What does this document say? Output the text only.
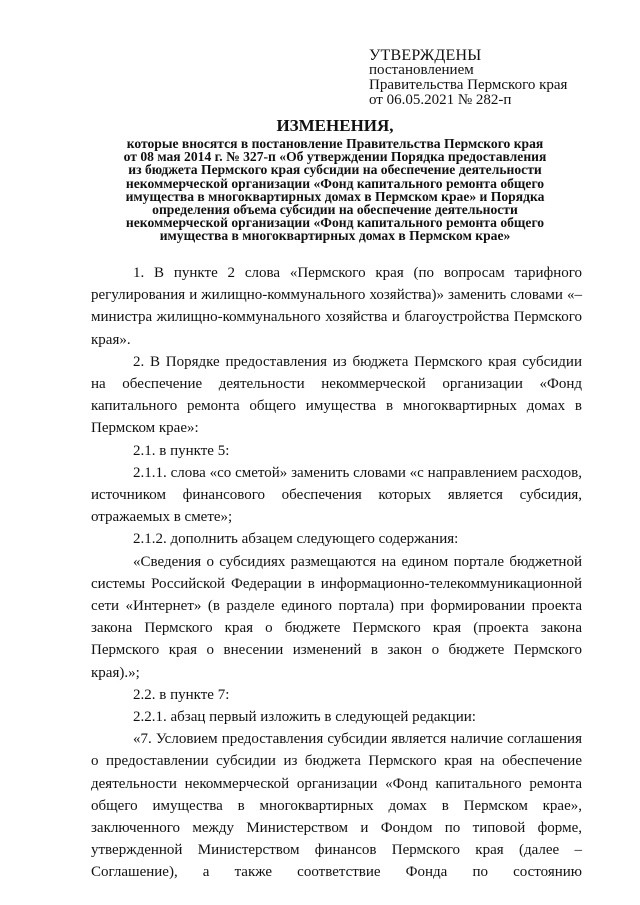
УТВЕРЖДЕНЫ
постановлением
Правительства Пермского края
от 06.05.2021 № 282-п
ИЗМЕНЕНИЯ,
которые вносятся в постановление Правительства Пермского края
от 08 мая 2014 г. № 327-п «Об утверждении Порядка предоставления
из бюджета Пермского края субсидии на обеспечение деятельности
некоммерческой организации «Фонд капитального ремонта общего
имущества в многоквартирных домах в Пермском крае» и Порядка
определения объема субсидии на обеспечение деятельности
некоммерческой организации «Фонд капитального ремонта общего
имущества в многоквартирных домах в Пермском крае»

1. В пункте 2 слова «Пермского края (по вопросам тарифного регулирования и жилищно-коммунального хозяйства)» заменить словами «– министра жилищно-коммунального хозяйства и благоустройства Пермского края».

2. В Порядке предоставления из бюджета Пермского края субсидии на обеспечение деятельности некоммерческой организации «Фонд капитального ремонта общего имущества в многоквартирных домах в Пермском крае»:

2.1. в пункте 5:

2.1.1. слова «со сметой» заменить словами «с направлением расходов, источником финансового обеспечения которых является субсидия, отражаемых в смете»;

2.1.2. дополнить абзацем следующего содержания:

«Сведения о субсидиях размещаются на едином портале бюджетной системы Российской Федерации в информационно-телекоммуникационной сети «Интернет» (в разделе единого портала) при формировании проекта закона Пермского края о бюджете Пермского края (проекта закона Пермского края о внесении изменений в закон о бюджете Пермского края).»;

2.2. в пункте 7:

2.2.1. абзац первый изложить в следующей редакции:

«7. Условием предоставления субсидии является наличие соглашения о предоставлении субсидии из бюджета Пермского края на обеспечение деятельности некоммерческой организации «Фонд капитального ремонта общего имущества в многоквартирных домах в Пермском крае», заключенного между Министерством и Фондом по типовой форме, утвержденной Министерством финансов Пермского края (далее – Соглашение), а также соответствие Фонда по состоянию
